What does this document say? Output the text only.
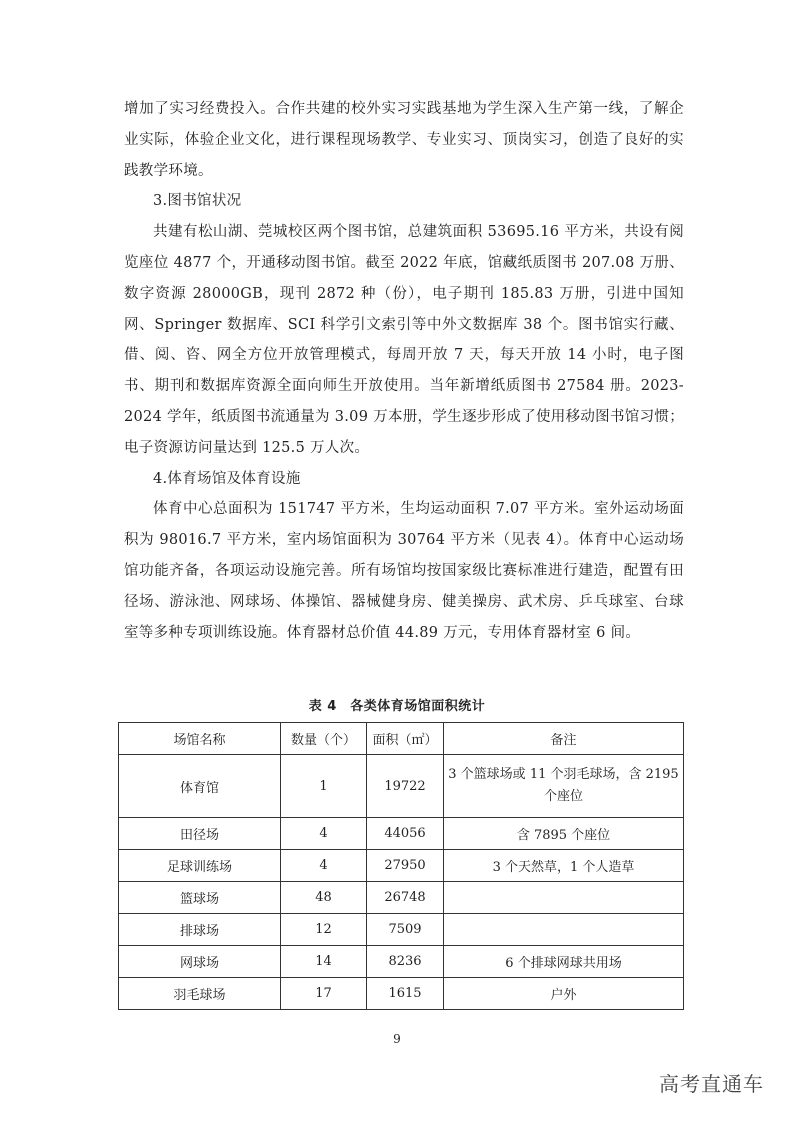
增加了实习经费投入。合作共建的校外实习实践基地为学生深入生产第一线，了解企业实际，体验企业文化，进行课程现场教学、专业实习、顶岗实习，创造了良好的实践教学环境。

3.图书馆状况

共建有松山湖、莞城校区两个图书馆，总建筑面积 53695.16 平方米，共设有阅览座位 4877 个，开通移动图书馆。截至 2022 年底，馆藏纸质图书 207.08 万册、数字资源 28000GB，现刊 2872 种（份），电子期刊 185.83 万册，引进中国知网、Springer 数据库、SCI 科学引文索引等中外文数据库 38 个。图书馆实行藏、借、阅、咨、网全方位开放管理模式，每周开放 7 天，每天开放 14 小时，电子图书、期刊和数据库资源全面向师生开放使用。当年新增纸质图书 27584 册。2023-2024 学年，纸质图书流通量为 3.09 万本册，学生逐步形成了使用移动图书馆习惯；电子资源访问量达到 125.5 万人次。

4.体育场馆及体育设施

体育中心总面积为 151747 平方米，生均运动面积 7.07 平方米。室外运动场面积为 98016.7 平方米，室内场馆面积为 30764 平方米（见表 4）。体育中心运动场馆功能齐备，各项运动设施完善。所有场馆均按国家级比赛标准进行建造，配置有田径场、游泳池、网球场、体操馆、器械健身房、健美操房、武术房、乒乓球室、台球室等多种专项训练设施。体育器材总价值 44.89 万元，专用体育器材室 6 间。

表 4　各类体育场馆面积统计
场馆名称	数量（个）	面积（㎡）	备注
体育馆	1	19722	3 个篮球场或 11 个羽毛球场，含 2195 个座位
田径场	4	44056	含 7895 个座位
足球训练场	4	27950	3 个天然草，1 个人造草
篮球场	48	26748	
排球场	12	7509	
网球场	14	8236	6 个排球网球共用场
羽毛球场	17	1615	户外
9
高考直通车
